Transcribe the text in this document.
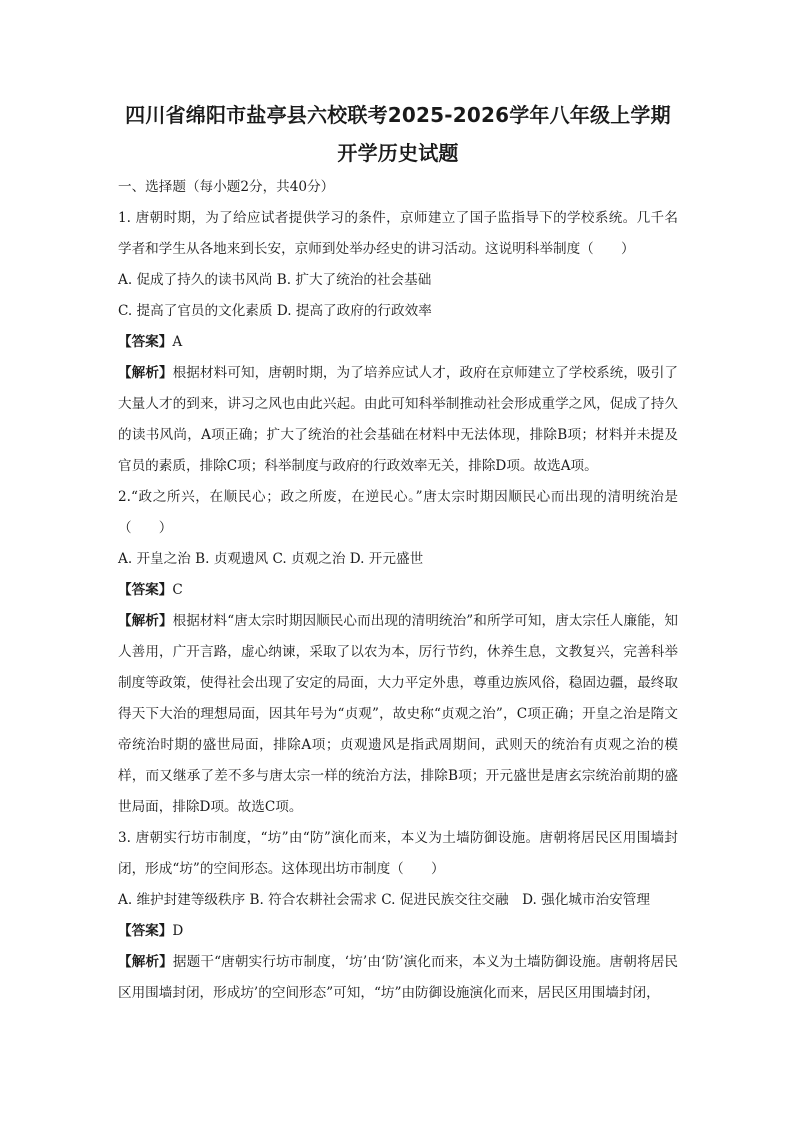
四川省绵阳市盐亭县六校联考2025-2026学年八年级上学期
开学历史试题

一、选择题（每小题2分，共40分）

1. 唐朝时期，为了给应试者提供学习的条件，京师建立了国子监指导下的学校系统。几千名学者和学生从各地来到长安，京师到处举办经史的讲习活动。这说明科举制度（　　）

A. 促成了持久的读书风尚 B. 扩大了统治的社会基础

C. 提高了官员的文化素质 D. 提高了政府的行政效率

【答案】A

【解析】根据材料可知，唐朝时期，为了培养应试人才，政府在京师建立了学校系统，吸引了大量人才的到来，讲习之风也由此兴起。由此可知科举制推动社会形成重学之风，促成了持久的读书风尚，A项正确；扩大了统治的社会基础在材料中无法体现，排除B项；材料并未提及官员的素质，排除C项；科举制度与政府的行政效率无关，排除D项。故选A项。

2.“政之所兴，在顺民心；政之所废，在逆民心。”唐太宗时期因顺民心而出现的清明统治是（　　）

A. 开皇之治 B. 贞观遗风 C. 贞观之治 D. 开元盛世

【答案】C

【解析】根据材料“唐太宗时期因顺民心而出现的清明统治”和所学可知，唐太宗任人廉能，知人善用，广开言路，虚心纳谏，采取了以农为本，厉行节约，休养生息，文教复兴，完善科举制度等政策，使得社会出现了安定的局面，大力平定外患，尊重边族风俗，稳固边疆，最终取得天下大治的理想局面，因其年号为“贞观”，故史称“贞观之治”，C项正确；开皇之治是隋文帝统治时期的盛世局面，排除A项；贞观遗风是指武周期间，武则天的统治有贞观之治的模样，而又继承了差不多与唐太宗一样的统治方法，排除B项；开元盛世是唐玄宗统治前期的盛世局面，排除D项。故选C项。

3. 唐朝实行坊市制度，“坊”由“防”演化而来，本义为土墙防御设施。唐朝将居民区用围墙封闭，形成“坊”的空间形态。这体现出坊市制度（　　）

A. 维护封建等级秩序 B. 符合农耕社会需求 C. 促进民族交往交融　D. 强化城市治安管理

【答案】D

【解析】据题干“唐朝实行坊市制度，‘坊’由‘防’演化而来，本义为土墙防御设施。唐朝将居民区用围墙封闭，形成坊’的空间形态”可知，“坊”由防御设施演化而来，居民区用围墙封闭，
